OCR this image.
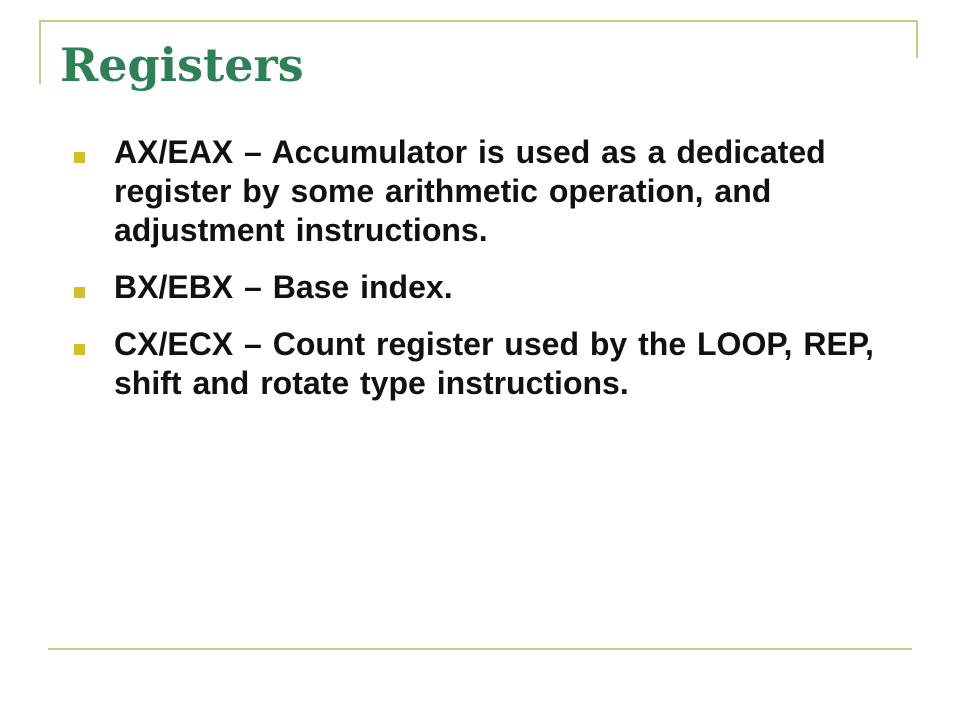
Registers
AX/EAX – Accumulator is used as a dedicated register by some arithmetic operation, and adjustment instructions.
BX/EBX – Base index.
CX/ECX – Count register used by the LOOP, REP, shift and rotate type instructions.
